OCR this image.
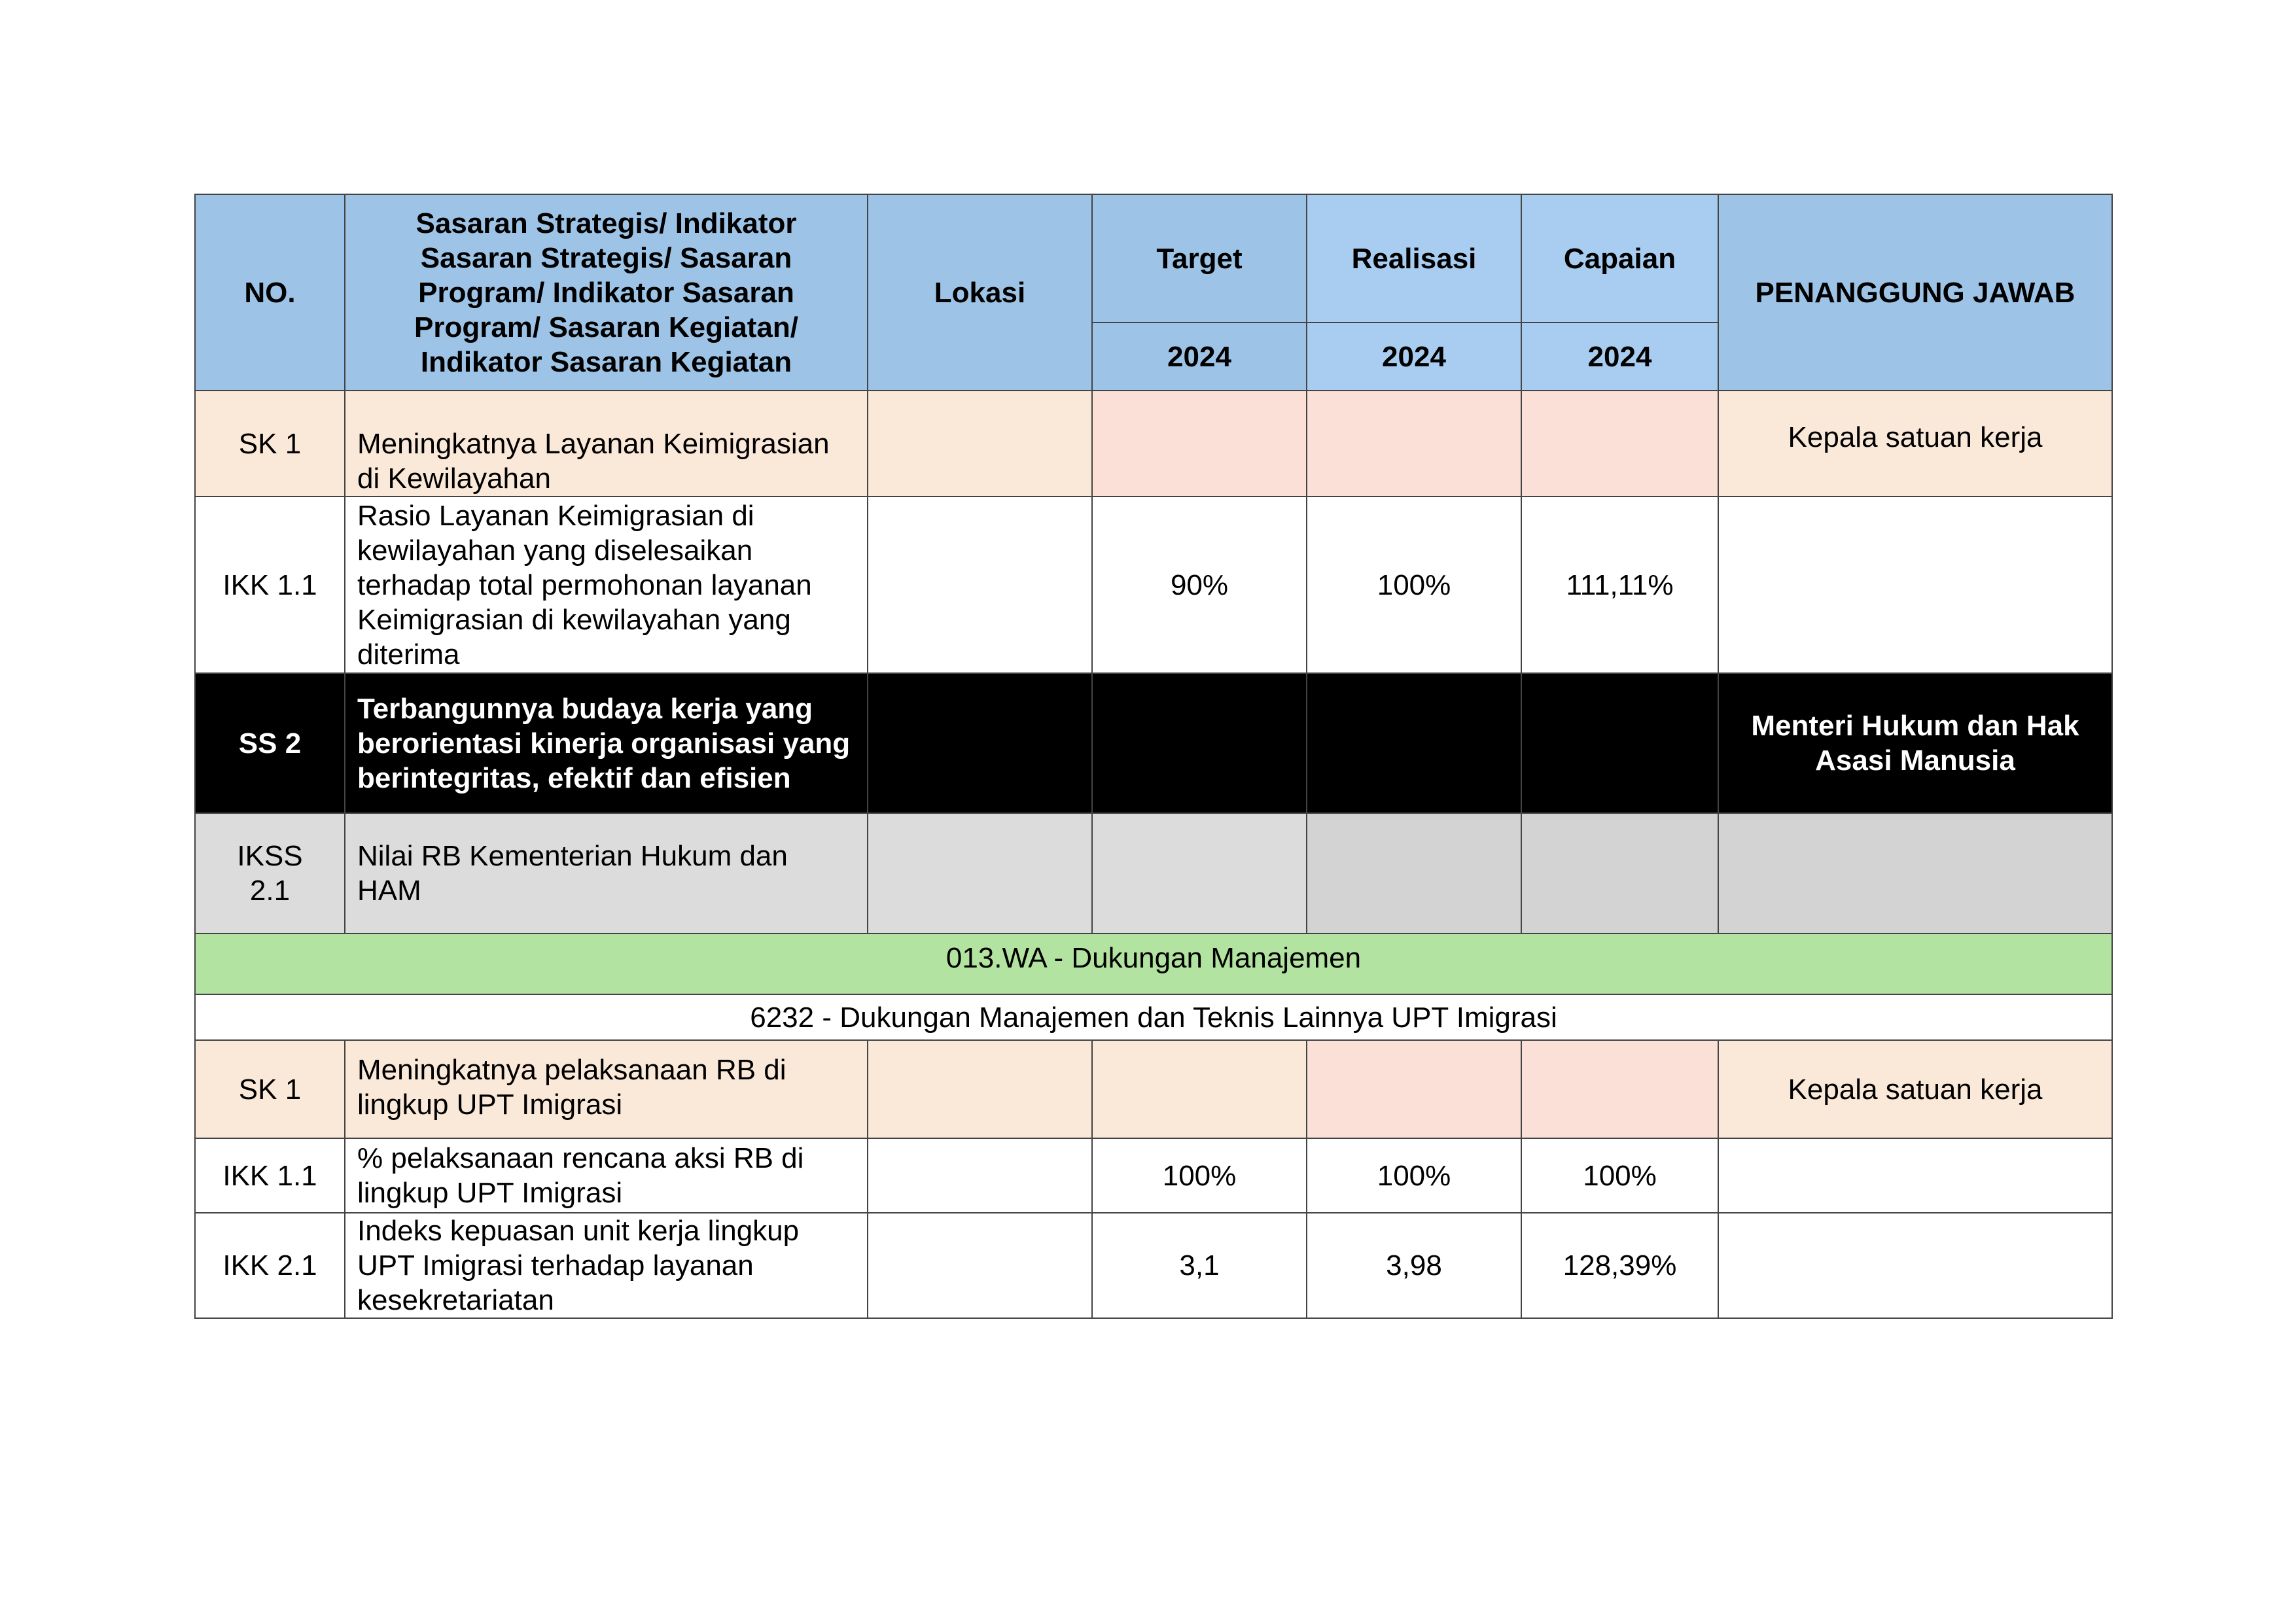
NO.	Sasaran Strategis/ Indikator Sasaran Strategis/ Sasaran Program/ Indikator Sasaran Program/ Sasaran Kegiatan/ Indikator Sasaran Kegiatan	Lokasi	Target	Realisasi	Capaian	PENANGGUNG JAWAB
			2024	2024	2024	
SK 1	Meningkatnya Layanan Keimigrasian di Kewilayahan					Kepala satuan kerja
IKK 1.1	Rasio Layanan Keimigrasian di kewilayahan yang diselesaikan terhadap total permohonan layanan Keimigrasian di kewilayahan yang diterima		90%	100%	111,11%	
SS 2	Terbangunnya budaya kerja yang berorientasi kinerja organisasi yang berintegritas, efektif dan efisien					Menteri Hukum dan Hak Asasi Manusia
IKSS 2.1	Nilai RB Kementerian Hukum dan HAM					
013.WA - Dukungan Manajemen						
6232 - Dukungan Manajemen dan Teknis Lainnya UPT Imigrasi						
SK 1	Meningkatnya pelaksanaan RB di lingkup UPT Imigrasi					Kepala satuan kerja
IKK 1.1	% pelaksanaan rencana aksi RB di lingkup UPT Imigrasi		100%	100%	100%	
IKK 2.1	Indeks kepuasan unit kerja lingkup UPT Imigrasi terhadap layanan kesekretariatan		3,1	3,98	128,39%	
